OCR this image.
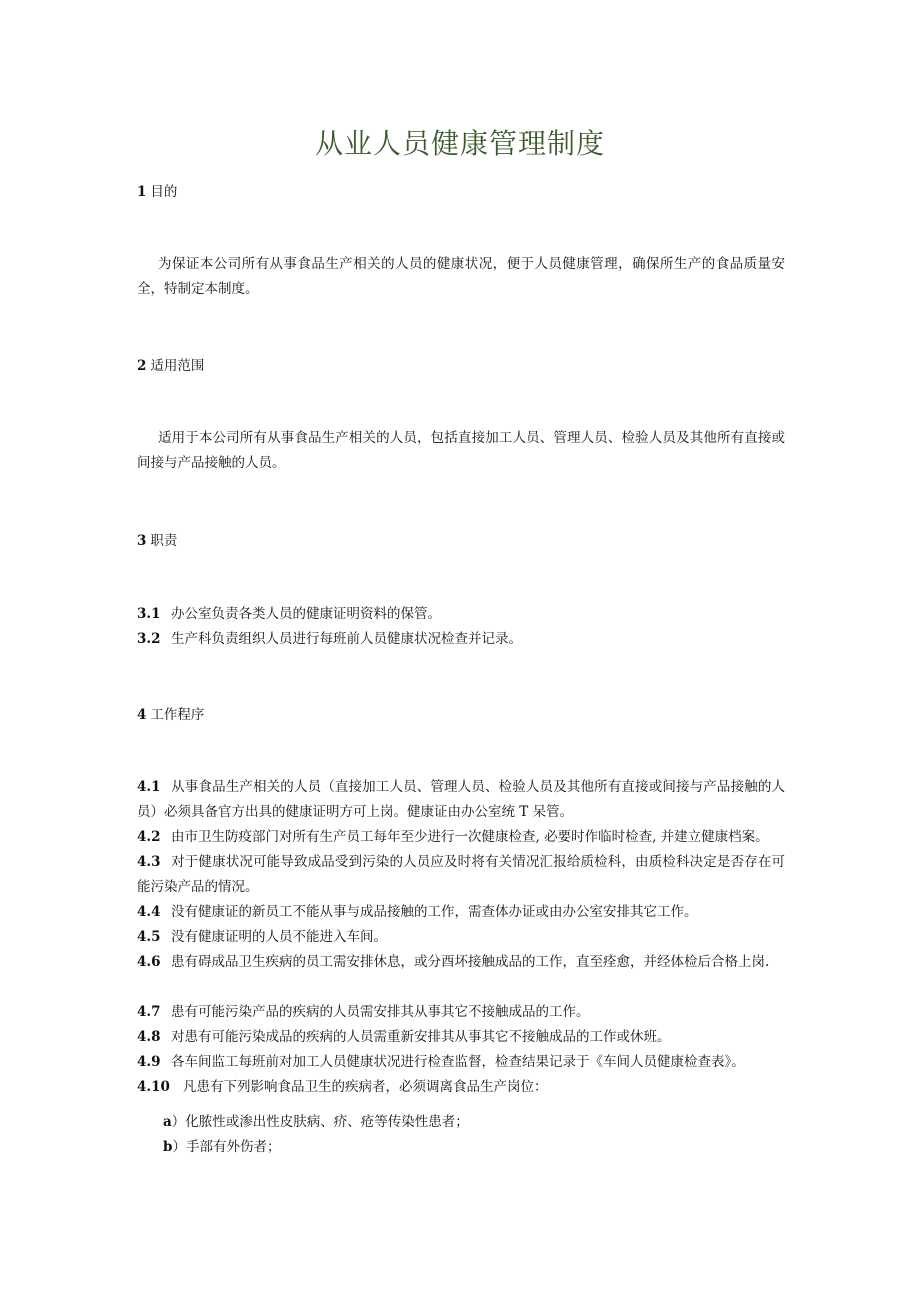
从业人员健康管理制度
1 目的
为保证本公司所有从事食品生产相关的人员的健康状况，便于人员健康管理，确保所生产的食品质量安全，特制定本制度。
2 适用范围
适用于本公司所有从事食品生产相关的人员，包括直接加工人员、管理人员、检验人员及其他所有直接或间接与产品接触的人员。
3 职责
3.1 办公室负责各类人员的健康证明资料的保管。
3.2 生产科负责组织人员进行每班前人员健康状况检查并记录。
4 工作程序
4.1 从事食品生产相关的人员（直接加工人员、管理人员、检验人员及其他所有直接或间接与产品接触的人员）必须具备官方出具的健康证明方可上岗。健康证由办公室统 T 呆管。
4.2 由市卫生防疫部门对所有生产员工每年至少进行一次健康检查, 必要时作临时检查, 并建立健康档案。
4.3 对于健康状况可能导致成品受到污染的人员应及时将有关情况汇报给质检科，由质检科决定是否存在可能污染产品的情况。
4.4 没有健康证的新员工不能从事与成品接触的工作，需查体办证或由办公室安排其它工作。
4.5 没有健康证明的人员不能进入车间。
4.6 患有碍成品卫生疾病的员工需安排休息，或分酉坏接触成品的工作，直至痊愈，并经体检后合格上岗.
4.7 患有可能污染产品的疾病的人员需安排其从事其它不接触成品的工作。
4.8 对患有可能污染成品的疾病的人员需重新安排其从事其它不接触成品的工作或休班。
4.9 各车间监工每班前对加工人员健康状况进行检查监督，检查结果记录于《车间人员健康检查表》。
4.10 凡患有下列影响食品卫生的疾病者，必须调离食品生产岗位：
a）化脓性或渗出性皮肤病、疥、疮等传染性患者；
b）手部有外伤者；
